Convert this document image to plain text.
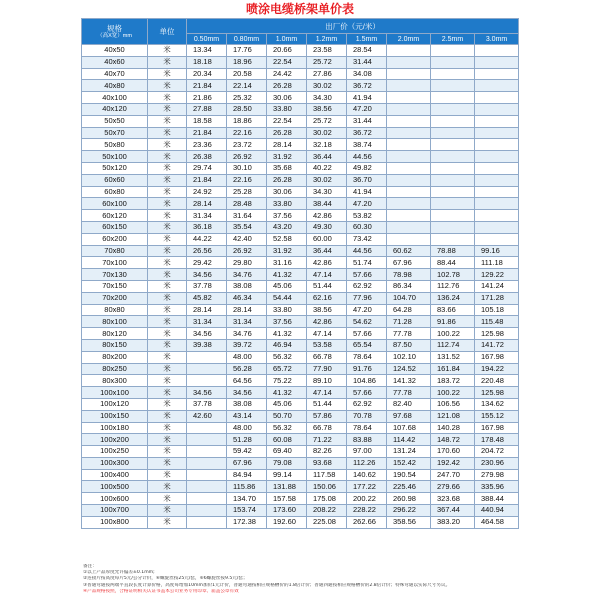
喷涂电缆桥架单价表
规格
（高X宽）mm	单位	出厂价（元/米）							
		0.50mm	0.80mm	1.0mm	1.2mm	1.5mm	2.0mm	2.5mm	3.0mm
40x50	米	13.34	17.76	20.66	23.58	28.54			
40x60	米	18.18	18.96	22.54	25.72	31.44			
40x70	米	20.34	20.58	24.42	27.86	34.08			
40x80	米	21.84	22.14	26.28	30.02	36.72			
40x100	米	21.86	25.32	30.06	34.30	41.94			
40x120	米	27.88	28.50	33.80	38.56	47.20			
50x50	米	18.58	18.86	22.54	25.72	31.44			
50x70	米	21.84	22.16	26.28	30.02	36.72			
50x80	米	23.36	23.72	28.14	32.18	38.74			
50x100	米	26.38	26.92	31.92	36.44	44.56			
50x120	米	29.74	30.10	35.68	40.22	49.82			
60x60	米	21.84	22.16	26.28	30.02	36.70			
60x80	米	24.92	25.28	30.06	34.30	41.94			
60x100	米	28.14	28.48	33.80	38.44	47.20			
60x120	米	31.34	31.64	37.56	42.86	53.82			
60x150	米	36.18	35.54	43.20	49.30	60.30			
60x200	米	44.22	42.40	52.58	60.00	73.42			
70x80	米	26.56	26.92	31.92	36.44	44.56	60.62	78.88	99.16
70x100	米	29.42	29.80	31.16	42.86	51.74	67.96	88.44	111.18
70x130	米	34.56	34.76	41.32	47.14	57.66	78.98	102.78	129.22
70x150	米	37.78	38.08	45.06	51.44	62.92	86.34	112.76	141.24
70x200	米	45.82	46.34	54.44	62.16	77.96	104.70	136.24	171.28
80x80	米	28.14	28.14	33.80	38.56	47.20	64.28	83.66	105.18
80x100	米	31.34	31.34	37.56	42.86	54.62	71.28	91.86	115.48
80x120	米	34.56	34.76	41.32	47.14	57.66	77.78	100.22	125.98
80x150	米	39.38	39.72	46.94	53.58	65.54	87.50	112.74	141.72
80x200	米		48.00	56.32	66.78	78.64	102.10	131.52	167.98
80x250	米		56.28	65.72	77.90	91.76	124.52	161.84	194.22
80x300	米		64.56	75.22	89.10	104.86	141.32	183.72	220.48
100x100	米	34.56	34.56	41.32	47.14	57.66	77.78	100.22	125.98
100x120	米	37.78	38.08	45.06	51.44	62.92	82.40	106.56	134.62
100x150	米	42.60	43.14	50.70	57.86	70.78	97.68	121.08	155.12
100x180	米		48.00	56.32	66.78	78.64	107.68	140.28	167.98
100x200	米		51.28	60.08	71.22	83.88	114.42	148.72	178.48
100x250	米		59.42	69.40	82.26	97.00	131.24	170.60	204.72
100x300	米		67.96	79.08	93.68	112.26	152.42	192.42	230.96
100x400	米		84.94	99.14	117.58	140.62	190.54	247.70	279.98
100x500	米		115.86	131.88	150.06	177.22	225.46	279.66	335.96
100x600	米		134.70	157.58	175.08	200.22	260.98	323.68	388.44
100x700	米		153.74	173.60	208.22	228.22	296.22	367.44	440.94
100x800	米		172.38	192.60	225.08	262.66	358.56	383.20	464.58
备注：
①以上产品厚度允许偏差±0.1mm;
②连接片按高度每片5元/公分计价，⑥螺旋丝按25元/套，⑥6螺旋丝按9.5元/套；
③普通弯通按两端平直段长度计算价格，高度每增加10mm加价1元计价，普通弯通按相应规格槽价的1.8倍计价；普通四通按相应规格槽价的2.8倍计价；特殊弯通以实际尺寸另议。
④产品规格按照，合格证明相关认证书盖本公司业务专用印章、届盖公章有效
